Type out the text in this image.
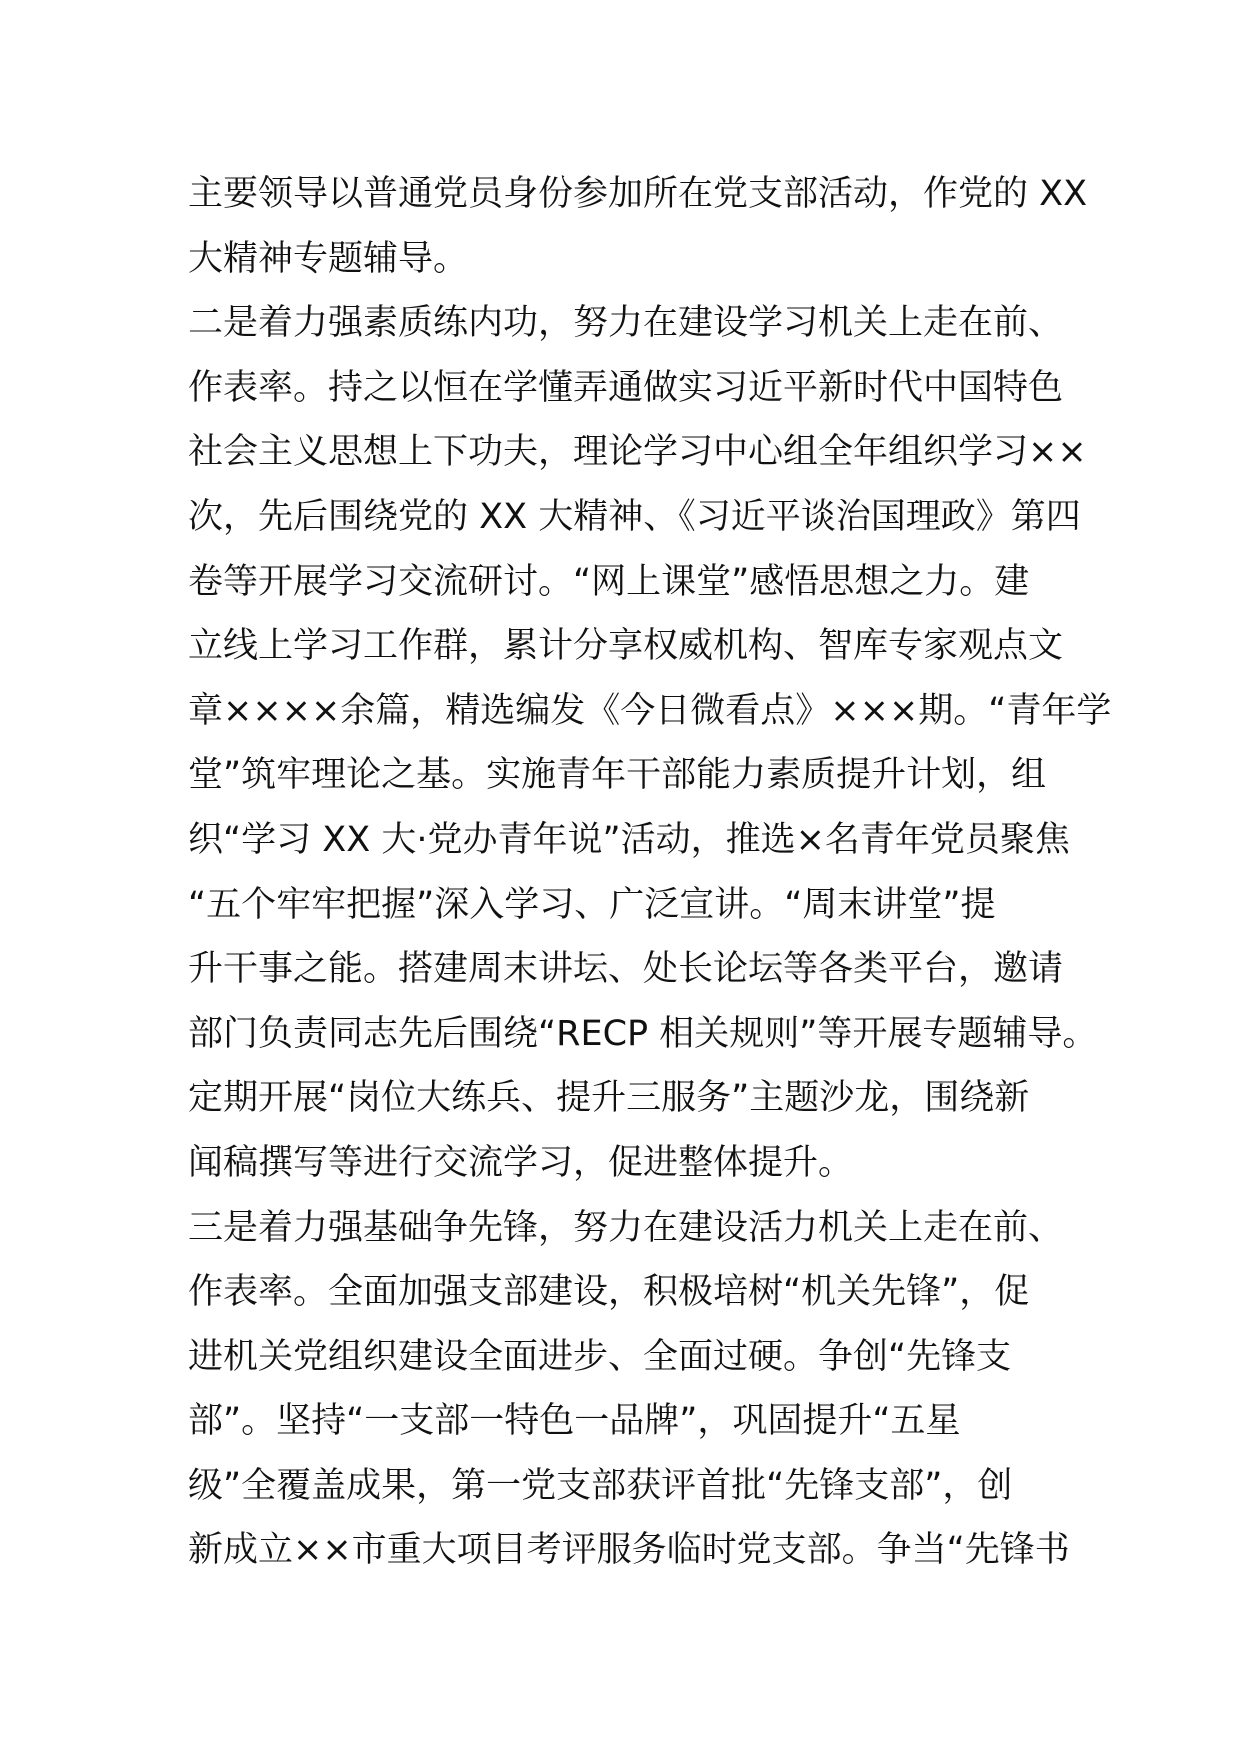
主要领导以普通党员身份参加所在党支部活动，作党的 XX
大精神专题辅导。
二是着力强素质练内功，努力在建设学习机关上走在前、
作表率。持之以恒在学懂弄通做实习近平新时代中国特色
社会主义思想上下功夫，理论学习中心组全年组织学习××
次，先后围绕党的 XX 大精神、《习近平谈治国理政》第四
卷等开展学习交流研讨。“网上课堂”感悟思想之力。建
立线上学习工作群，累计分享权威机构、智库专家观点文
章××××余篇，精选编发《今日微看点》×××期。“青年学
堂”筑牢理论之基。实施青年干部能力素质提升计划，组
织“学习 XX 大·党办青年说”活动，推选×名青年党员聚焦
“五个牢牢把握”深入学习、广泛宣讲。“周末讲堂”提
升干事之能。搭建周末讲坛、处长论坛等各类平台，邀请
部门负责同志先后围绕“RECP 相关规则”等开展专题辅导。
定期开展“岗位大练兵、提升三服务”主题沙龙，围绕新
闻稿撰写等进行交流学习，促进整体提升。
三是着力强基础争先锋，努力在建设活力机关上走在前、
作表率。全面加强支部建设，积极培树“机关先锋”，促
进机关党组织建设全面进步、全面过硬。争创“先锋支
部”。坚持“一支部一特色一品牌”，巩固提升“五星
级”全覆盖成果，第一党支部获评首批“先锋支部”，创
新成立××市重大项目考评服务临时党支部。争当“先锋书
